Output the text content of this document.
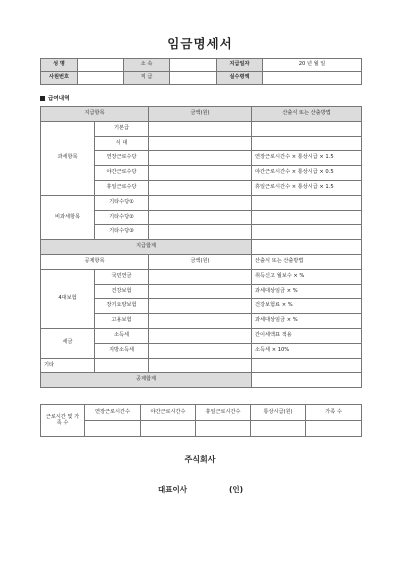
임금명세서
성 명		소 속		지급일자	20 년 월 일
사원번호		직 급		실수령액	
급여내역
지급항목		금액(원)	산출식 또는 산출방법
과세항목	기본급		
	식 대		
	연장근로수당		연장근로시간수 × 통상시급 × 1.5
	야간근로수당		야간근로시간수 × 통상시급 × 0.5
	휴일근로수당		휴일근로시간수 × 통상시급 × 1.5
비과세항목	기타수당①		
	기타수당②		
	기타수당③		
지급합계			
공제항목		금액(원)	산출식 또는 산출방법
4대보험	국민연금		취득신고 월보수 × %
	건강보험		과세대상임금 × %
	장기요양보험		건강보험료 × %
	고용보험		과세대상임금 × %
세금	소득세		간이세액표 적용
	지방소득세		소득세 × 10%
기타			
공제합계			
근로시간 및 가족 수	연장근로시간수	야간근로시간수	휴일근로시간수	통상시급(원)	가족 수

주식회사
대표이사	(인)
